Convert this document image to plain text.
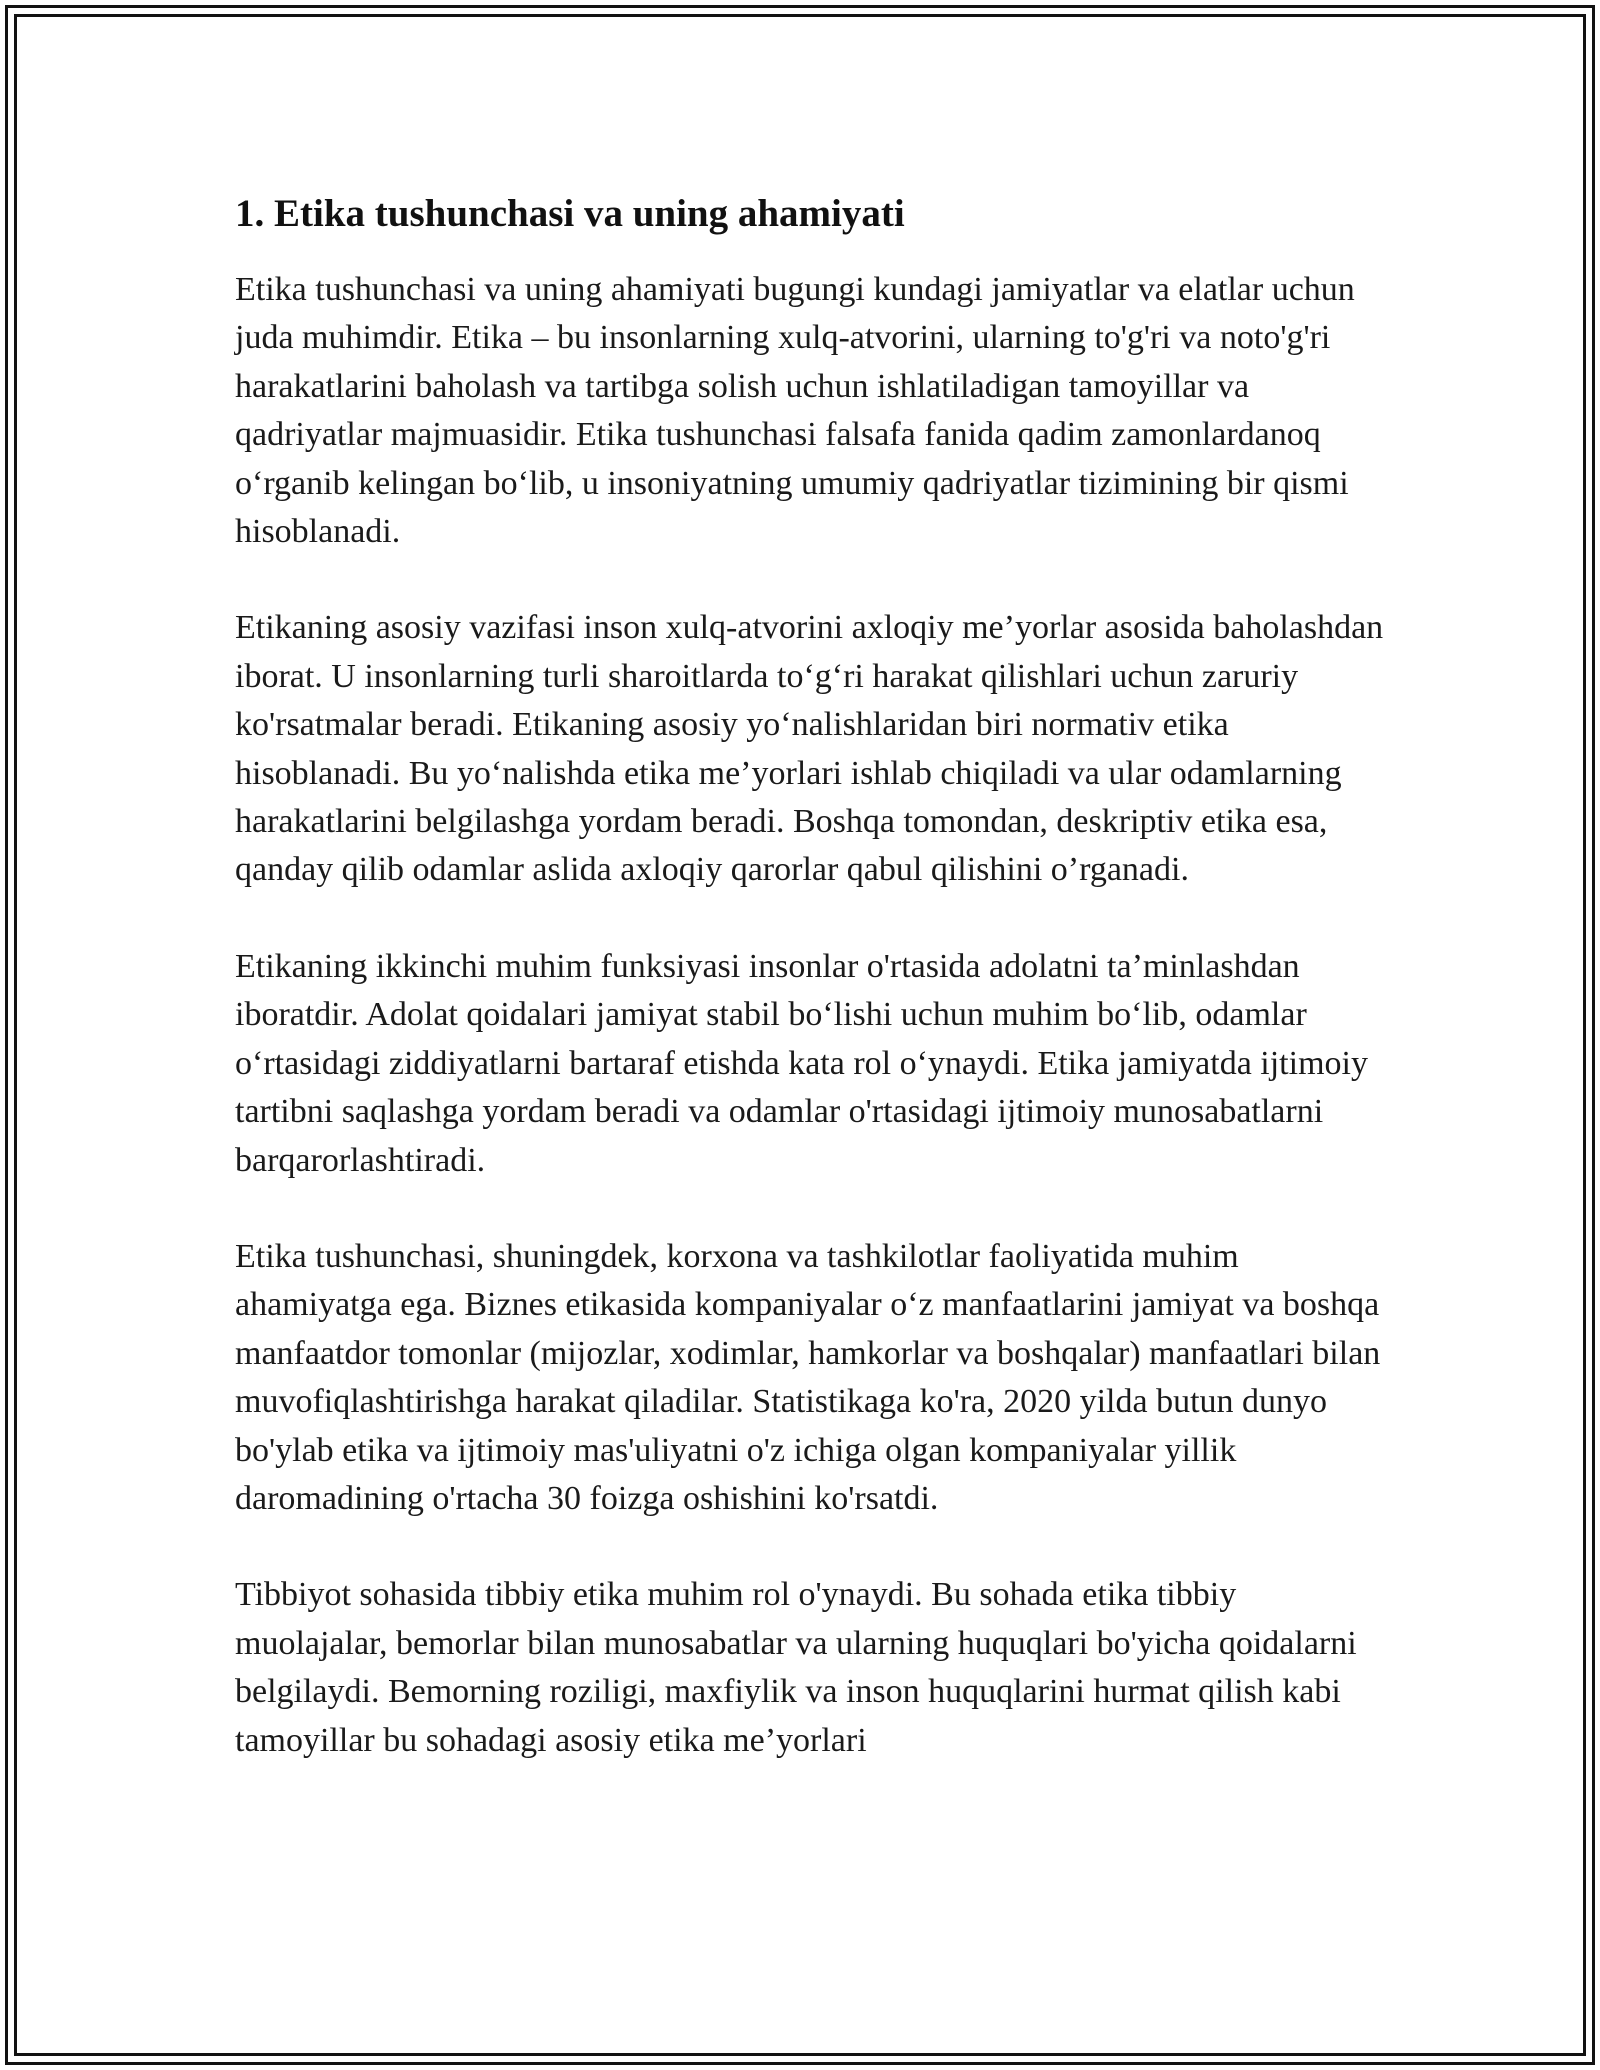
1. Etika tushunchasi va uning ahamiyati

Etika tushunchasi va uning ahamiyati bugungi kundagi jamiyatlar va elatlar uchun juda muhimdir. Etika – bu insonlarning xulq-atvorini, ularning to'g'ri va noto'g'ri harakatlarini baholash va tartibga solish uchun ishlatiladigan tamoyillar va qadriyatlar majmuasidir. Etika tushunchasi falsafa fanida qadim zamonlardanoq o‘rganib kelingan bo‘lib, u insoniyatning umumiy qadriyatlar tizimining bir qismi hisoblanadi.

Etikaning asosiy vazifasi inson xulq-atvorini axloqiy me’yorlar asosida baholashdan iborat. U insonlarning turli sharoitlarda to‘g‘ri harakat qilishlari uchun zaruriy ko'rsatmalar beradi. Etikaning asosiy yo‘nalishlaridan biri normativ etika hisoblanadi. Bu yo‘nalishda etika me’yorlari ishlab chiqiladi va ular odamlarning harakatlarini belgilashga yordam beradi. Boshqa tomondan, deskriptiv etika esa, qanday qilib odamlar aslida axloqiy qarorlar qabul qilishini o’rganadi.

Etikaning ikkinchi muhim funksiyasi insonlar o'rtasida adolatni ta’minlashdan iboratdir. Adolat qoidalari jamiyat stabil bo‘lishi uchun muhim bo‘lib, odamlar o‘rtasidagi ziddiyatlarni bartaraf etishda kata rol o‘ynaydi. Etika jamiyatda ijtimoiy tartibni saqlashga yordam beradi va odamlar o'rtasidagi ijtimoiy munosabatlarni barqarorlashtiradi.

Etika tushunchasi, shuningdek, korxona va tashkilotlar faoliyatida muhim ahamiyatga ega. Biznes etikasida kompaniyalar o‘z manfaatlarini jamiyat va boshqa manfaatdor tomonlar (mijozlar, xodimlar, hamkorlar va boshqalar) manfaatlari bilan muvofiqlashtirishga harakat qiladilar. Statistikaga ko'ra, 2020 yilda butun dunyo bo'ylab etika va ijtimoiy mas'uliyatni o'z ichiga olgan kompaniyalar yillik daromadining o'rtacha 30 foizga oshishini ko'rsatdi.

Tibbiyot sohasida tibbiy etika muhim rol o'ynaydi. Bu sohada etika tibbiy muolajalar, bemorlar bilan munosabatlar va ularning huquqlari bo'yicha qoidalarni belgilaydi. Bemorning roziligi, maxfiylik va inson huquqlarini hurmat qilish kabi tamoyillar bu sohadagi asosiy etika me’yorlari
